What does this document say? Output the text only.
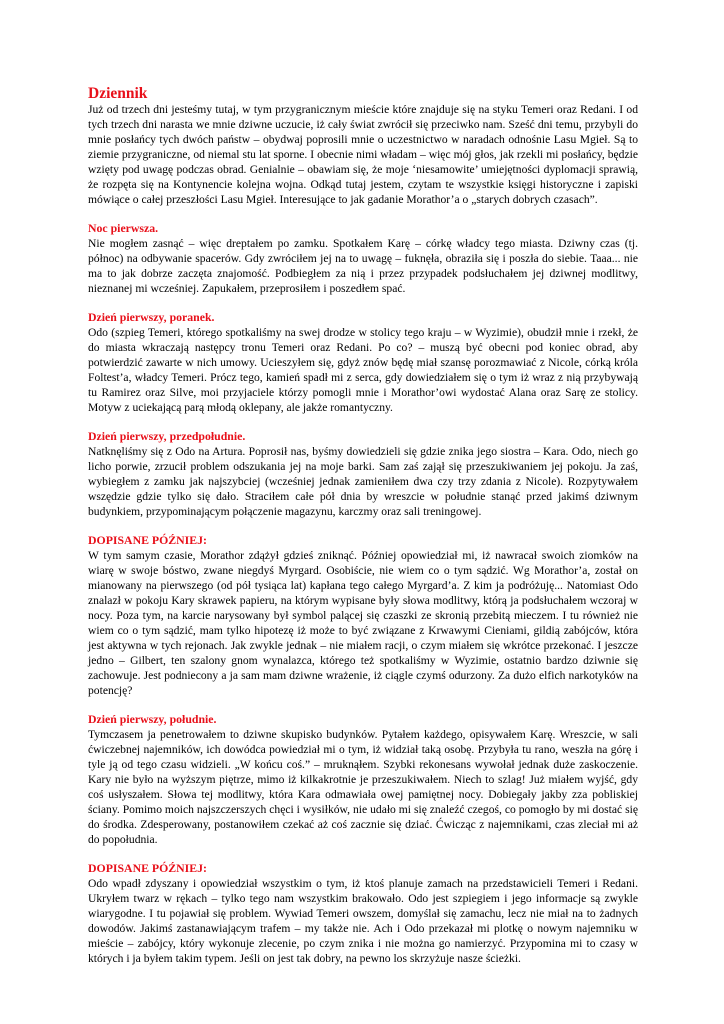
Dziennik

Już od trzech dni jesteśmy tutaj, w tym przygranicznym mieście które znajduje się na styku Temeri oraz Redani. I od tych trzech dni narasta we mnie dziwne uczucie, iż cały świat zwrócił się przeciwko nam. Sześć dni temu, przybyli do mnie posłańcy tych dwóch państw – obydwaj poprosili mnie o uczestnictwo w naradach odnośnie Lasu Mgieł. Są to ziemie przygraniczne, od niemal stu lat sporne. I obecnie nimi władam – więc mój głos, jak rzekli mi posłańcy, będzie wzięty pod uwagę podczas obrad. Genialnie – obawiam się, że moje ‘niesamowite’ umiejętności dyplomacji sprawią, że rozpęta się na Kontynencie kolejna wojna. Odkąd tutaj jestem, czytam te wszystkie księgi historyczne i zapiski mówiące o całej przeszłości Lasu Mgieł. Interesujące to jak gadanie Morathor’a o „starych dobrych czasach”.

Noc pierwsza.

Nie mogłem zasnąć – więc dreptałem po zamku. Spotkałem Karę – córkę władcy tego miasta. Dziwny czas (tj. północ) na odbywanie spacerów. Gdy zwróciłem jej na to uwagę – fuknęła, obraziła się i poszła do siebie. Taaa... nie ma to jak dobrze zaczęta znajomość. Podbiegłem za nią i przez przypadek podsłuchałem jej dziwnej modlitwy, nieznanej mi wcześniej. Zapukałem, przeprosiłem i poszedłem spać.

Dzień pierwszy, poranek.

Odo (szpieg Temeri, którego spotkaliśmy na swej drodze w stolicy tego kraju – w Wyzimie), obudził mnie i rzekł, że do miasta wkraczają następcy tronu Temeri oraz Redani. Po co? – muszą być obecni pod koniec obrad, aby potwierdzić zawarte w nich umowy. Ucieszyłem się, gdyż znów będę miał szansę porozmawiać z Nicole, córką króla Foltest’a, władcy Temeri. Prócz tego, kamień spadł mi z serca, gdy dowiedziałem się o tym iż wraz z nią przybywają tu Ramirez oraz Silve, moi przyjaciele którzy pomogli mnie i Morathor’owi wydostać Alana oraz Sarę ze stolicy. Motyw z uciekającą parą młodą oklepany, ale jakże romantyczny.

Dzień pierwszy, przedpołudnie.

Natknęliśmy się z Odo na Artura. Poprosił nas, byśmy dowiedzieli się gdzie znika jego siostra – Kara. Odo, niech go licho porwie, zrzucił problem odszukania jej na moje barki. Sam zaś zajął się przeszukiwaniem jej pokoju. Ja zaś, wybiegłem z zamku jak najszybciej (wcześniej jednak zamieniłem dwa czy trzy zdania z Nicole). Rozpytywałem wszędzie gdzie tylko się dało. Straciłem całe pół dnia by wreszcie w południe stanąć przed jakimś dziwnym budynkiem, przypominającym połączenie magazynu, karczmy oraz sali treningowej.

DOPISANE PÓŹNIEJ:

W tym samym czasie, Morathor zdążył gdzieś zniknąć. Później opowiedział mi, iż nawracał swoich ziomków na wiarę w swoje bóstwo, zwane niegdyś Myrgard. Osobiście, nie wiem co o tym sądzić. Wg Morathor’a, został on mianowany na pierwszego (od pół tysiąca lat) kapłana tego całego Myrgard’a. Z kim ja podróżuję... Natomiast Odo znalazł w pokoju Kary skrawek papieru, na którym wypisane były słowa modlitwy, którą ja podsłuchałem wczoraj w nocy. Poza tym, na karcie narysowany był symbol palącej się czaszki ze skronią przebitą mieczem. I tu również nie wiem co o tym sądzić, mam tylko hipotezę iż może to być związane z Krwawymi Cieniami, gildią zabójców, która jest aktywna w tych rejonach. Jak zwykle jednak – nie miałem racji, o czym miałem się wkrótce przekonać. I jeszcze jedno – Gilbert, ten szalony gnom wynalazca, którego też spotkaliśmy w Wyzimie, ostatnio bardzo dziwnie się zachowuje. Jest podniecony a ja sam mam dziwne wrażenie, iż ciągle czymś odurzony. Za dużo elfich narkotyków na potencję?

Dzień pierwszy, południe.

Tymczasem ja penetrowałem to dziwne skupisko budynków. Pytałem każdego, opisywałem Karę. Wreszcie, w sali ćwiczebnej najemników, ich dowódca powiedział mi o tym, iż widział taką osobę. Przybyła tu rano, weszła na górę i tyle ją od tego czasu widzieli. „W końcu coś.” – mruknąłem. Szybki rekonesans wywołał jednak duże zaskoczenie. Kary nie było na wyższym piętrze, mimo iż kilkakrotnie je przeszukiwałem. Niech to szlag! Już miałem wyjść, gdy coś usłyszałem. Słowa tej modlitwy, która Kara odmawiała owej pamiętnej nocy. Dobiegały jakby zza pobliskiej ściany. Pomimo moich najszczerszych chęci i wysiłków, nie udało mi się znaleźć czegoś, co pomogło by mi dostać się do środka. Zdesperowany, postanowiłem czekać aż coś zacznie się dziać. Ćwicząc z najemnikami, czas zleciał mi aż do popołudnia.

DOPISANE PÓŹNIEJ:

Odo wpadł zdyszany i opowiedział wszystkim o tym, iż ktoś planuje zamach na przedstawicieli Temeri i Redani. Ukryłem twarz w rękach – tylko tego nam wszystkim brakowało. Odo jest szpiegiem i jego informacje są zwykle wiarygodne. I tu pojawiał się problem. Wywiad Temeri owszem, domyślał się zamachu, lecz nie miał na to żadnych dowodów. Jakimś zastanawiającym trafem – my także nie. Ach i Odo przekazał mi plotkę o nowym najemniku w mieście – zabójcy, który wykonuje zlecenie, po czym znika i nie można go namierzyć. Przypomina mi to czasy w których i ja byłem takim typem. Jeśli on jest tak dobry, na pewno los skrzyżuje nasze ścieżki.
